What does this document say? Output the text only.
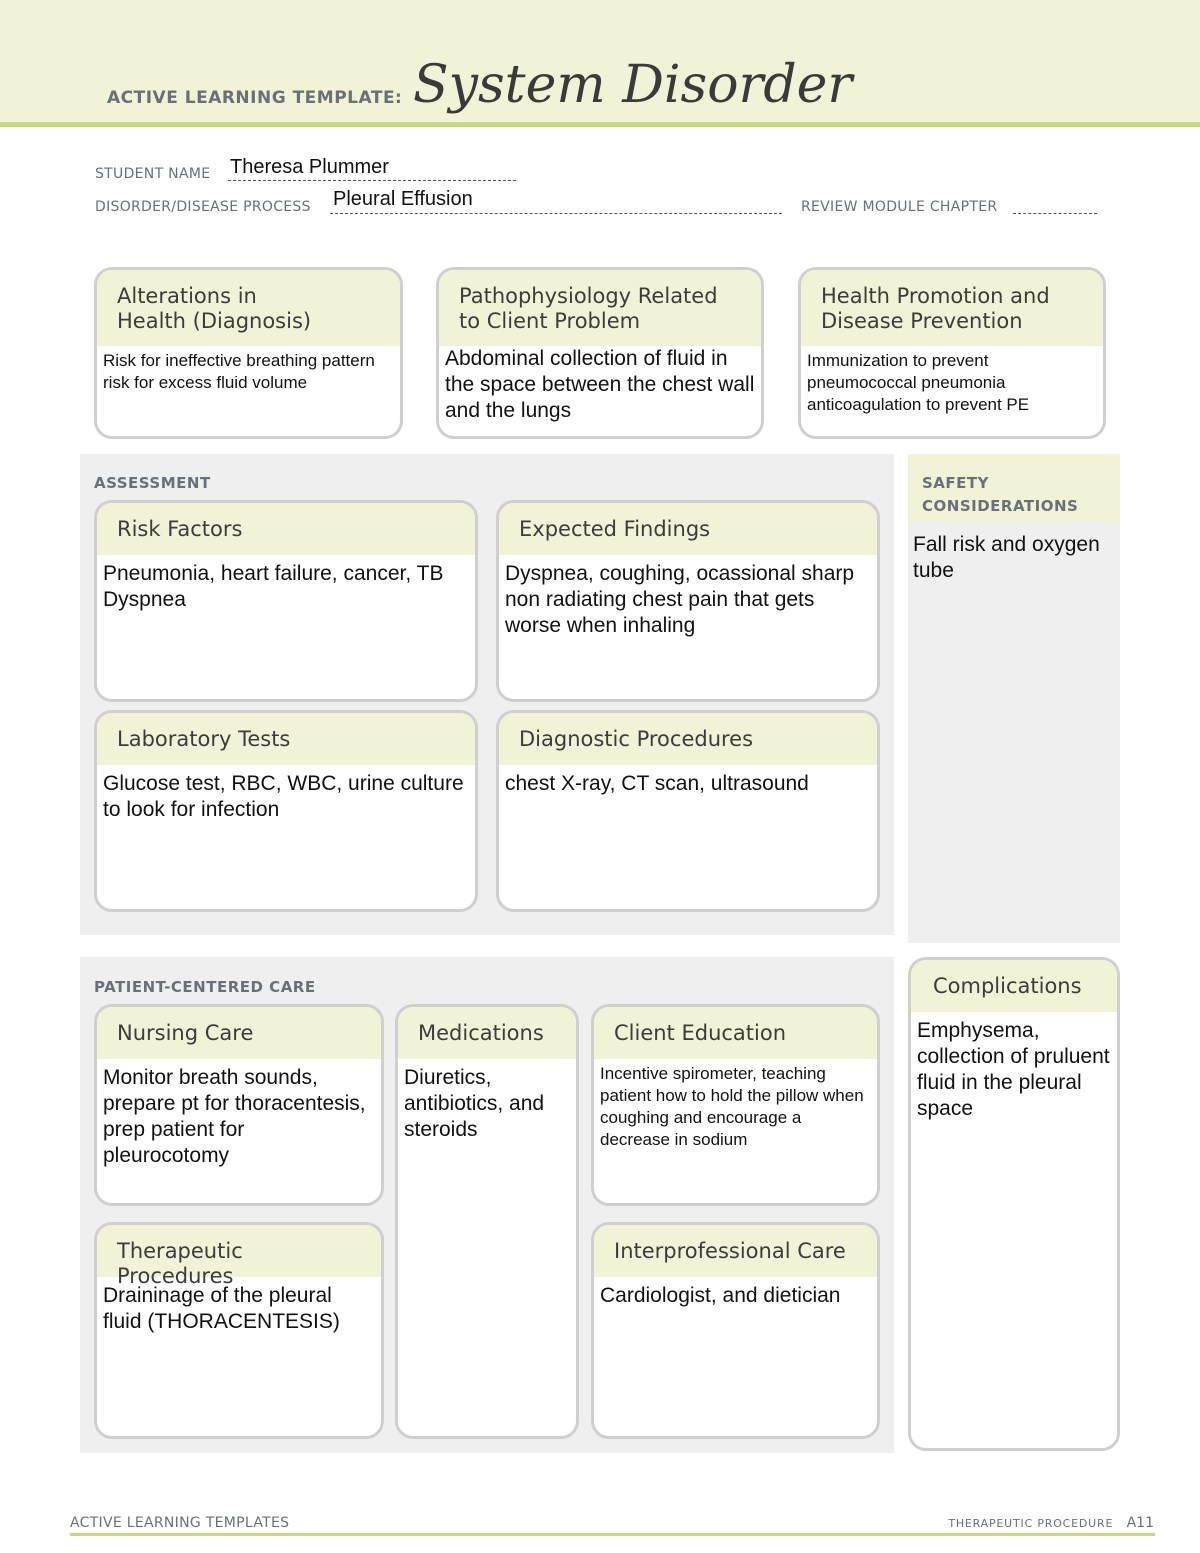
ACTIVE LEARNING TEMPLATE: System Disorder
STUDENT NAME Theresa Plummer
DISORDER/DISEASE PROCESS Pleural Effusion	REVIEW MODULE CHAPTER
Alterations in
Health (Diagnosis)
Risk for ineffective breathing pattern risk for excess fluid volume
Pathophysiology Related
to Client Problem
Abdominal collection of fluid in the space between the chest wall and the lungs
Health Promotion and
Disease Prevention
Immunization to prevent pneumococcal pneumonia anticoagulation to prevent PE
ASSESSMENT
Risk Factors
Pneumonia, heart failure, cancer, TB Dyspnea
Expected Findings
Dyspnea, coughing, ocassional sharp non radiating chest pain that gets worse when inhaling
Laboratory Tests
Glucose test, RBC, WBC, urine culture to look for infection
Diagnostic Procedures
chest X-ray, CT scan, ultrasound
SAFETY
CONSIDERATIONS
Fall risk and oxygen tube
PATIENT-CENTERED CARE
Nursing Care
Monitor breath sounds, prepare pt for thoracentesis, prep patient for pleurocotomy
Medications
Diuretics, antibiotics, and steroids
Client Education
Incentive spirometer, teaching patient how to hold the pillow when coughing and encourage a decrease in sodium
Therapeutic Procedures
Draininage of the pleural fluid (THORACENTESIS)
Interprofessional Care
Cardiologist, and dietician
Complications
Emphysema, collection of pruluent fluid in the pleural space
ACTIVE LEARNING TEMPLATES	THERAPEUTIC PROCEDURE A11
